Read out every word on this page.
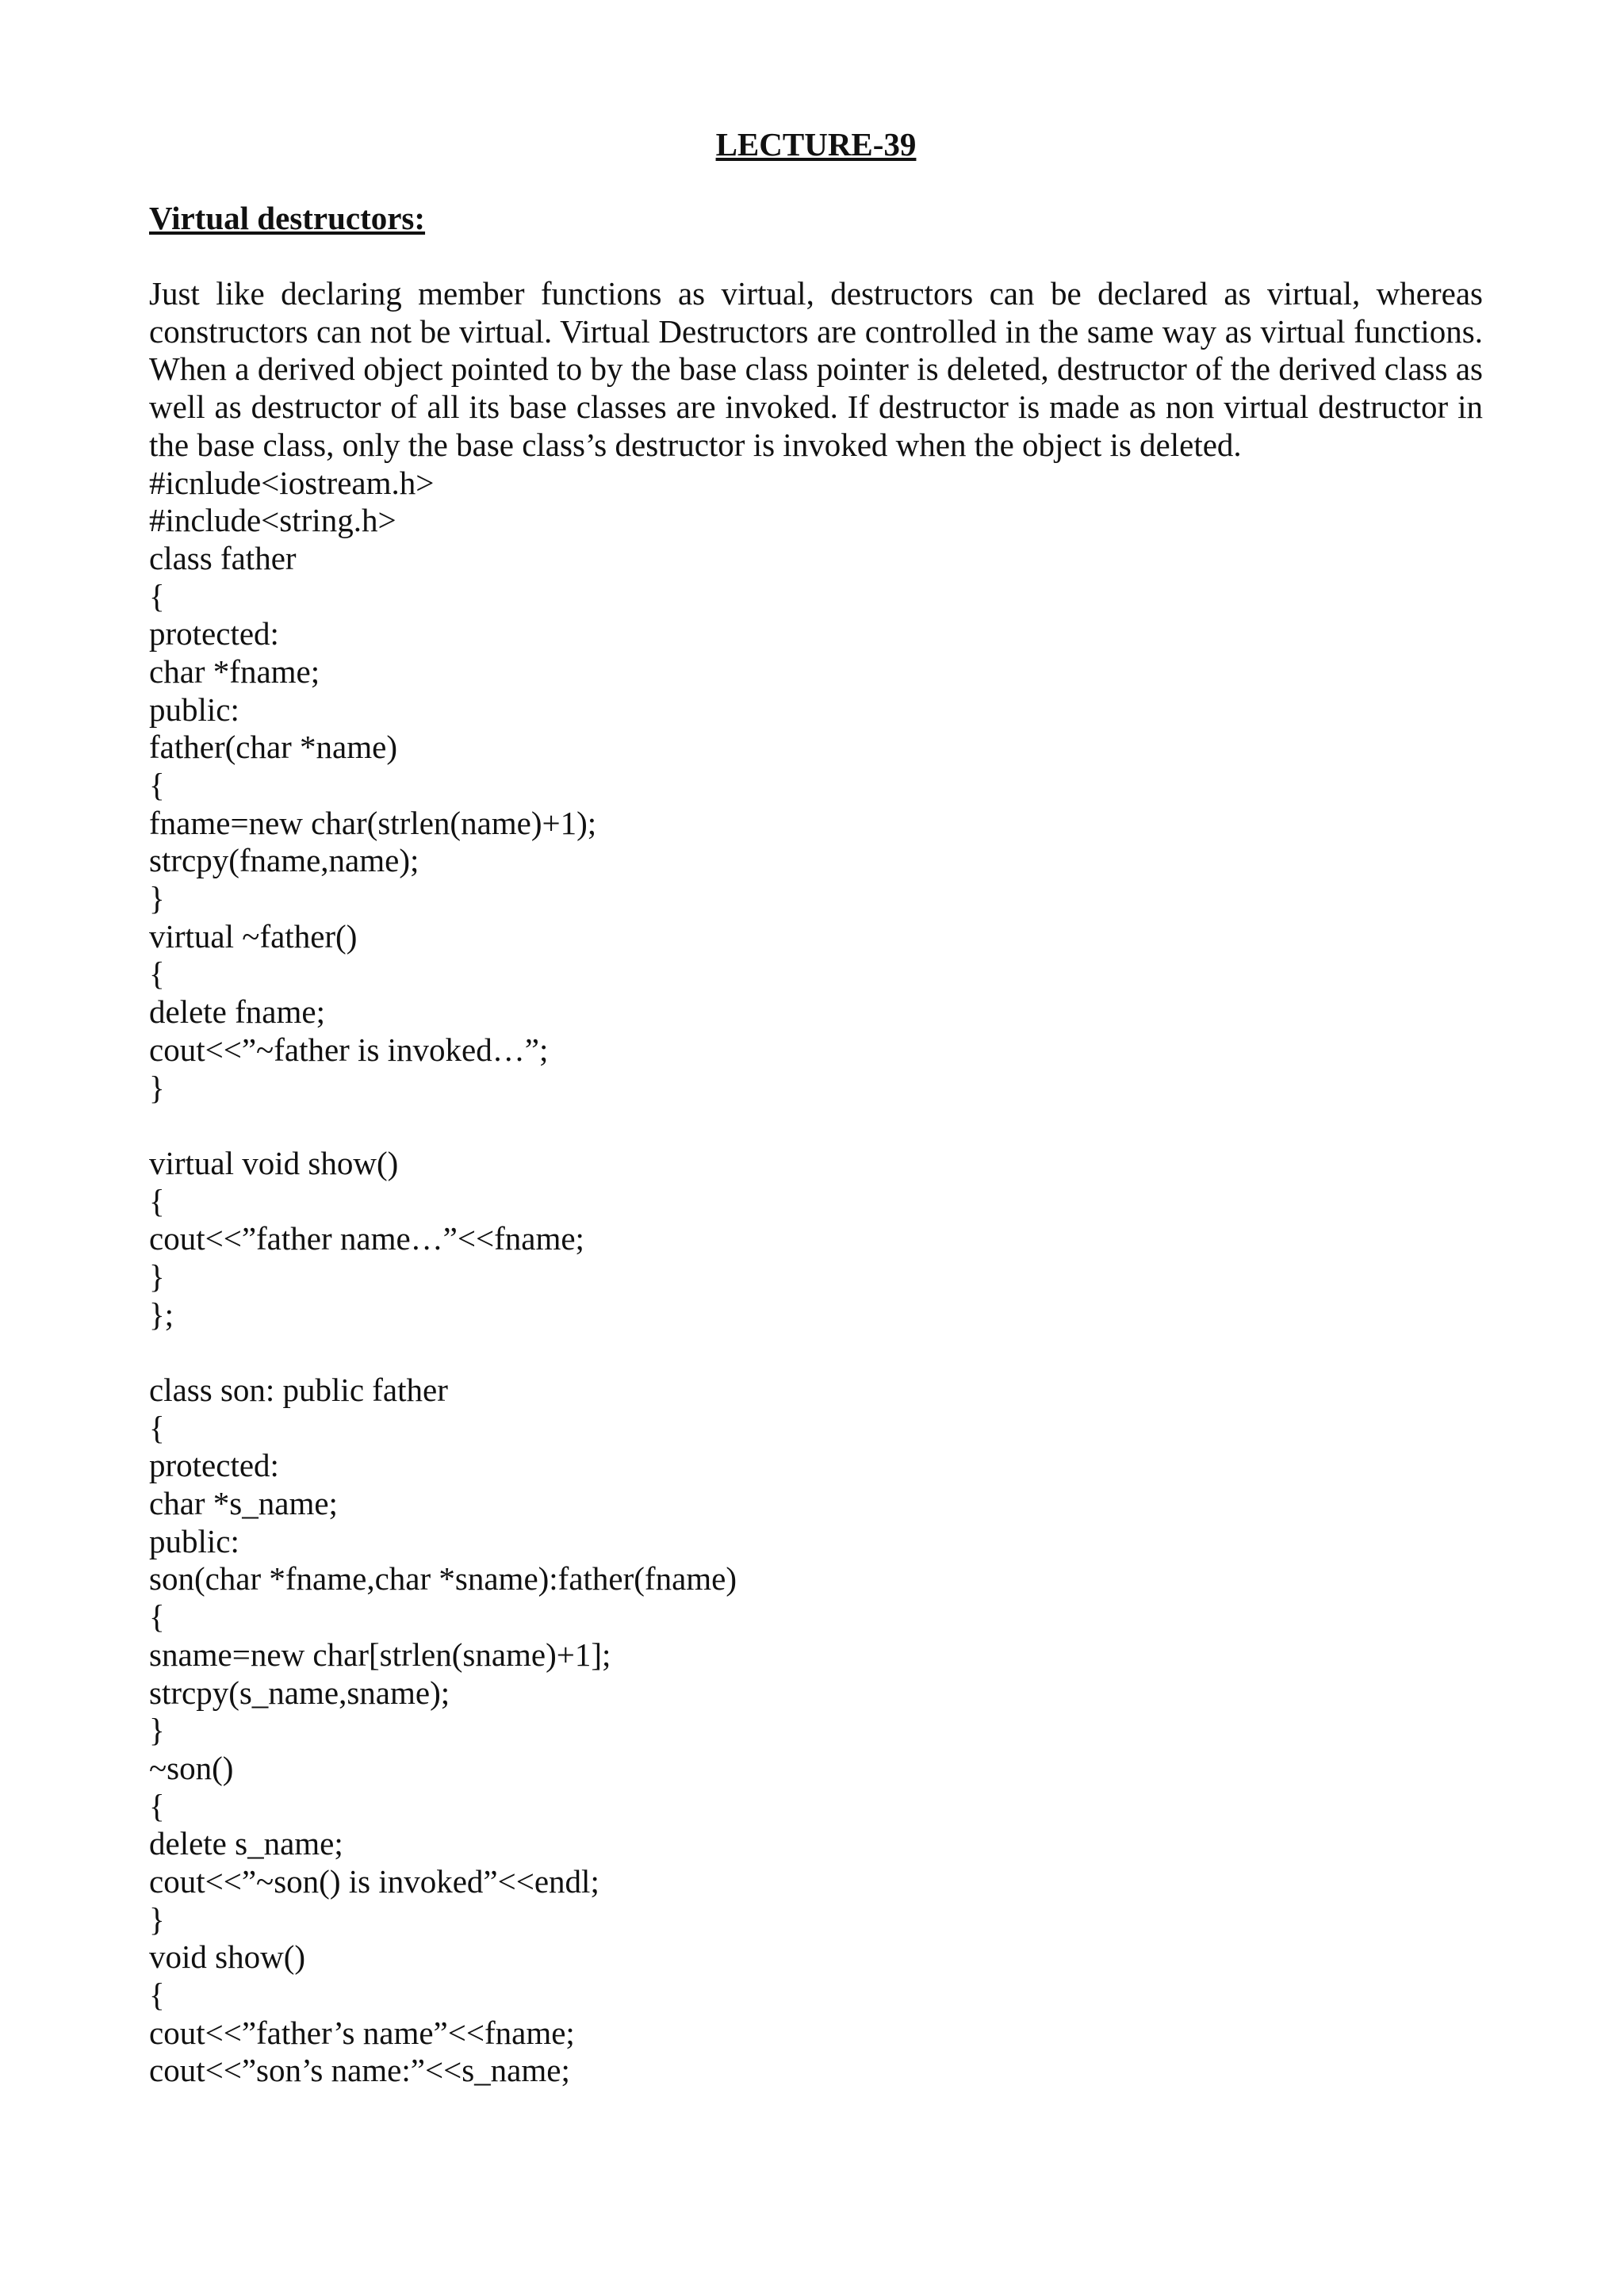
LECTURE-39

Virtual destructors:

Just like declaring member functions as virtual, destructors can be declared as virtual, whereas constructors can not be virtual. Virtual Destructors are controlled in the same way as virtual functions. When a derived object pointed to by the base class pointer is deleted, destructor of the derived class as well as destructor of all its base classes are invoked. If destructor is made as non virtual destructor in the base class, only the base class’s destructor is invoked when the object is deleted.

#icnlude<iostream.h>
#include<string.h>
class father
{
protected:
char *fname;
public:
father(char *name)
{
fname=new char(strlen(name)+1);
strcpy(fname,name);
}
virtual ~father()
{
delete fname;
cout<<”~father is invoked…”;
}
virtual void show()
{
cout<<”father name…”<<fname;
}
};
class son: public father
{
protected:
char *s_name;
public:
son(char *fname,char *sname):father(fname)
{
sname=new char[strlen(sname)+1];
strcpy(s_name,sname);
}
~son()
{
delete s_name;
cout<<”~son() is invoked”<<endl;
}
void show()
{
cout<<”father’s name”<<fname;
cout<<”son’s name:”<<s_name;
